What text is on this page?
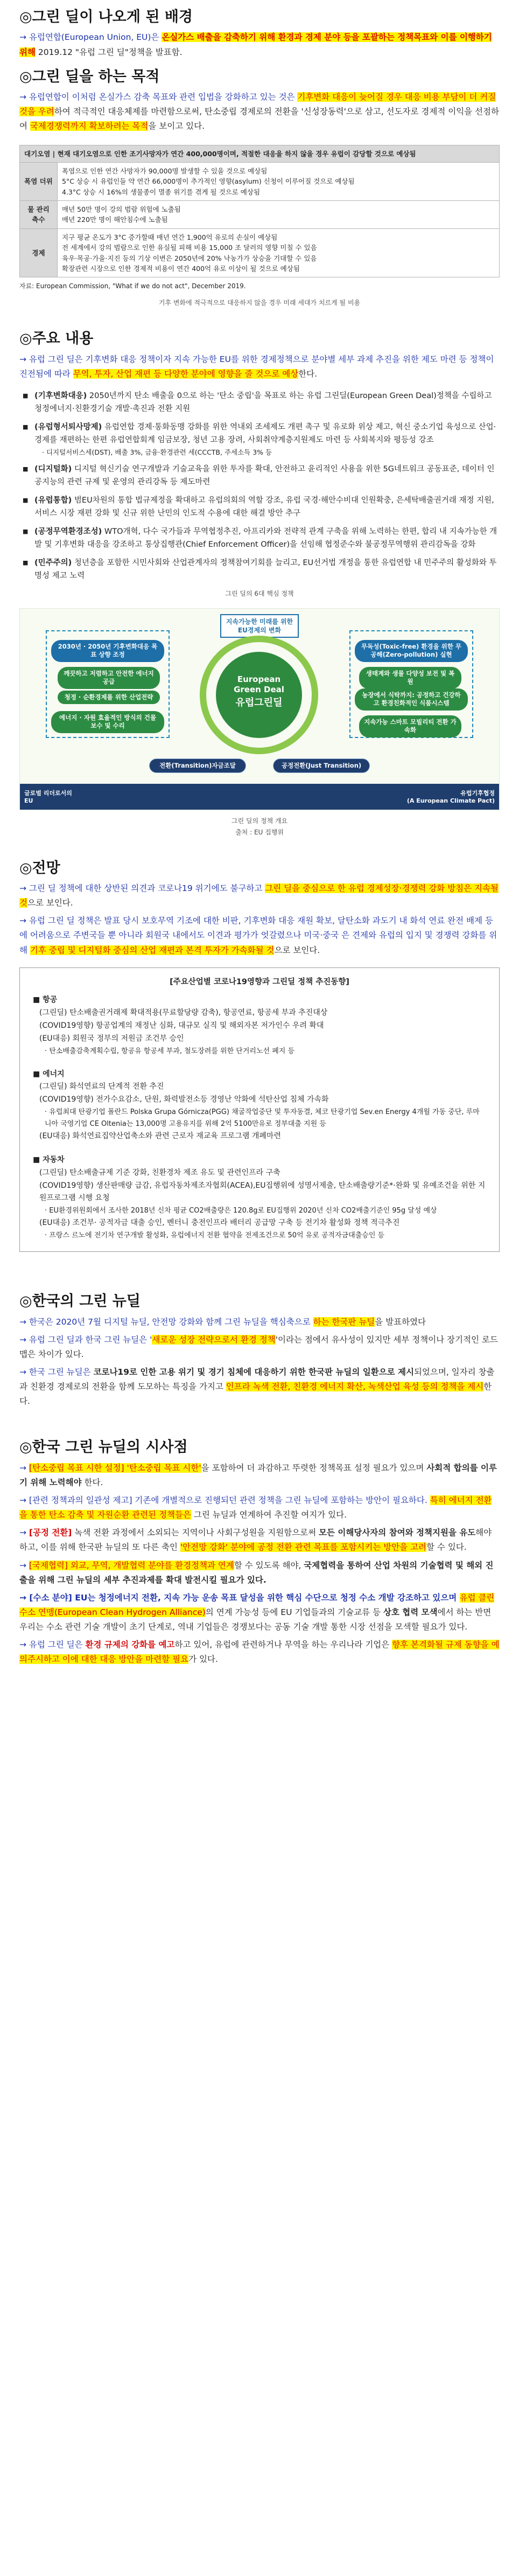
◎그린 딜이 나오게 된 배경

→ 유럽연합(European Union, EU)은 온실가스 배출을 감축하기 위해 환경과 경제 분야 등을 포괄하는 정책목표와 이를 이행하기 위해 2019.12 "유럽 그린 딜"정책을 발표함.

◎그린 딜을 하는 목적

→ 유럽연합이 이처럼 온실가스 감축 목표와 관련 입법을 강화하고 있는 것은 기후변화 대응이 늦어질 경우 대응 비용 부담이 더 커질 것을 우려하여 적극적인 대응체제를 마련함으로써, 탄소중립 경제로의 전환을 '신성장동력'으로 삼고, 선도자로 경제적 이익을 선점하여 국제경쟁력까지 확보하려는 목적을 보이고 있다.

대기오염 | 현재 대기오염으로 인한 조기사망자가 연간 400,000명이며, 적절한 대응을 하지 않을 경우 유럽이 감당할 것으로 예상됨	
폭염 더위	폭염으로 인한 연간 사망자가 90,000명 발생할 수 있을 것으로 예상됨
5°C 상승 시 유럽인들 약 연간 66,000명이 추가적인 영향(asylum) 신청이 이루어질 것으로 예상됨
4.3°C 상승 시 16%의 생물종이 멸종 위기를 겪게 될 것으로 예상됨

물 관리 축수	매년 50만 명이 강의 범람 위험에 노출됨
매년 220만 명이 해안침수에 노출됨

경제	지구 평균 온도가 3°C 증가할때 매년 연간 1,900억 유로의 손실이 예상됨
전 세계에서 강의 범람으로 인한 유실될 피해 비용 15,000 조 달러의 영향 미칠 수 있음
육우·목공·가을·지진 등의 기상 이변은 2050년에 20% 낙농가가 상승을 기대할 수 있음
확장관련 시장으로 인한 경제적 비용이 연간 400억 유로 이상이 될 것으로 예상됨
자료: European Commission, "What if we do not act", December 2019.
기후 변화에 적극적으로 대응하지 않을 경우 미래 세대가 치르게 될 비용
◎주요 내용

→ 유럽 그린 딜은 기후변화 대응 정책이자 지속 가능한 EU를 위한 경제정책으로 분야별 세부 과제 추진을 위한 제도 마련 등 정책이 진전됨에 따라 무역, 투자, 산업 재편 등 다양한 분야에 영향을 줄 것으로 예상한다.

■ (기후변화대응) 2050년까지 탄소 배출을 0으로 하는 '탄소 중립'을 목표로 하는 유럽 그린딜(European Green Deal)정책을 수립하고 청정에너지·친환경기술 개발·촉진과 전환 지원
■ (유럽형서퇴사망제) 유럽연합 경제·통화동맹 강화를 위한 역내외 조세제도 개편 촉구 및 유로화 위상 제고, 혁신 중소기업 육성으로 산업·경제를 재편하는 한편 유럽연합회계 임금보장, 청년 고용 장려, 사회취약계층지원제도 마련 등 사회복지와 평등성 강조
· 디지털서비스세(DST), 배출 3%, 금융·환경관련 세(CCCTB, 주세소득 3% 등
■ (디지털화) 디지털 혁신기술 연구개발과 기술교육을 위한 투자를 확대, 안전하고 윤리적인 사용을 위한 5G네트워크 공동표준, 데이터 인공지능의 관련 규제 및 운영의 관리강독 등 제도마련
■ (유럽통합) 범EU차원의 통합 법규제정을 확대하고 유럽의회의 역할 강조, 유럽 국경·해안수비대 인원확충, 은세탁배출권거래 재정 지원, 서비스 시장 재편 강화 및 신규 위한 난민의 인도적 수용에 대한 해결 방안 추구
■ (공정무역환경조성) WTO개혁, 다수 국가들과 무역협정추진, 아프리카와 전략적 관계 구축을 위해 노력하는 한편, 합리 내 지속가능한 개발 및 기후변화 대응을 강조하고 통상집행관(Chief Enforcement Officer)을 선임해 협정준수와 불공정무역행위 관리감독을 강화
■ (민주주의) 청년층을 포함한 시민사회와 산업관계자의 정책참여기회를 늘리고, EU선거법 개정을 통한 유럽연합 내 민주주의 활성화와 투명성 제고 노력
그린 딜의 6대 핵심 정책
지속가능한 미래를 위한 EU경제의 변화
European
Green Deal
유럽그린딜
2030년 · 2050년 기후변화대응 목표 상향 조정
깨끗하고 저렴하고 안전한 에너지 공급
청정 · 순환경제를 위한 산업전략
에너지 · 자원 효율적인 방식의 건물 보수 및 수리
무독성(Toxic-free) 환경을 위한 무공해(Zero-pollution) 실현
생태계와 생물 다양성 보전 및 복원
농장에서 식탁까지: 공정하고 건강하고 환경친화적인 식품시스템
지속가능 스마트 모빌리티 전환 가속화
전환(Transition)자금조달	공정전환(Just Transition)
글로벌 리더로서의
EU
유럽기후협정
(A European Climate Pact)
그린 딜의 정책 개요
출처 : EU 집행위
◎전망

→ 그린 딜 정책에 대한 상반된 의견과 코로나19 위기에도 불구하고 그린 딜을 중심으로 한 유럽 경제성장·경쟁력 강화 방침은 지속될 것으로 보인다.

→ 유럽 그린 딜 정책은 발표 당시 보호무역 기조에 대한 비판, 기후변화 대응 재원 확보, 달탄소화 과도기 내 화석 연료 완전 배제 등에 어려움으로 주변국들 뿐 아니라 회원국 내에서도 이견과 평가가 엇갈렸으나 미국·중국 은 견제와 유럽의 입지 및 경쟁력 강화를 위해 기후 중립 및 디지털화 중심의 산업 재편과 본격 투자가 가속화될 것으로 보인다.

[주요산업별 코로나19영향과 그린딜 정책 추진동향]
■ 항공
(그린딜) 탄소배출권거래제 확대적용(무료할당량 감축), 항공연료, 항공세 부과 추진대상
(COVID19영향) 항공업계의 재정난 심화, 대규모 실직 및 해외자본 저가인수 우려 확대
(EU대응) 회원국 정부의 저원금 조건부 승인
· 탄소배출감축계획수립, 항공유 항공세 부과, 철도장려를 위한 단거리노선 폐지 등
■ 에너지
(그린딜) 화석연료의 단계적 전환 추진
(COVID19영향) 전가수요감소, 단원, 화력발전소등 경영난 악화에 석탄산업 침체 가속화
· 유럽최대 탄광기업 폴란드 Polska Grupa Górnicza(PGG) 채굴작업중단 및 투자동결, 체코 탄광기업 Sev.en Energy 4개월 가동 중단, 루마니아 국영기업 CE Oltenia는 13,000명 고용유지를 위해 2억 5100만유로 정부대출 지원 등
(EU대응) 화석연료집약산업축소와 관련 근로자 재교육 프로그램 개폐마련
■ 자동차
(그린딜) 탄소배출규제 기준 강화, 친환경차 제조 유도 및 관련인프라 구축
(COVID19영향) 생산판매량 급감, 유럽자동차제조자협회(ACEA),EU집행위에 성명서제출, 탄소배출량기준*·완화 및 유예조건을 위한 지원프로그램 시행 요청
· EU환경위원회에서 조사한 2018년 신차 평균 CO2배출량은 120.8g로 EU집행위 2020년 신차 CO2배출기준인 95g 달성 예상
(EU대응) 조건부· 공적자금 대출 승인, 벤터니 충전인프라 배터리 공급망 구축 등 전기차 활성화 정책 적극추진
· 프랑스 르노에 전기차 연구개발 활성화, 유럽에너지 전환 협약을 전제조건으로 50억 유로 공적자금대출승인 등
◎한국의 그린 뉴딜

→ 한국은 2020년 7월 디지털 뉴딜, 안전망 강화와 함께 그린 뉴딜을 핵심축으로 하는 한국판 뉴딜을 발표하였다

→ 유럽 그린 딜과 한국 그린 뉴딜은 '새로운 성장 전략으로서 환경 정책'이라는 점에서 유사성이 있지만 세부 정책이나 장기적인 로드맵은 차이가 있다.

→ 한국 그린 뉴딜은 코로나19로 인한 고용 위기 및 경기 침체에 대응하기 위한 한국판 뉴딜의 일환으로 제시되었으며, 일자리 창출과 친환경 경제로의 전환을 함께 도모하는 특징을 가지고 인프라 녹색 전환, 친환경 에너지 확산, 녹색산업 육성 등의 정책을 제시한다.

◎한국 그린 뉴딜의 시사점

→ [탄소중립 목표 시한 설정] '탄소중립 목표 시한'을 포함하여 더 과감하고 뚜렷한 정책목표 설정 필요가 있으며 사회적 합의를 이루기 위해 노력해야 한다.

→ [관련 정책과의 일관성 제고] 기존에 개별적으로 진행되던 관련 정책을 그린 뉴딜에 포함하는 방안이 필요하다. 특히 에너지 전환을 통한 탄소 감축 및 자원순환 관련된 정책들은 그린 뉴딜과 연계하여 추진할 여지가 있다.

→ [공정 전환] 녹색 전환 과정에서 소외되는 지역이나 사회구성원을 지원함으로써 모든 이해당사자의 참여와 정책지원을 유도해야 하고, 이를 위해 한국판 뉴딜의 또 다른 축인 '안전망 강화' 분야에 공정 전환 관련 목표를 포함시키는 방안을 고려할 수 있다.

→ [국제협력] 외교, 무역, 개발협력 분야를 환경정책과 연계할 수 있도록 해야, 국제협력을 통하여 산업 차원의 기술협력 및 해외 진출을 위해 그린 뉴딜의 세부 추진과제를 확대 발전시킬 필요가 있다.

→ [수소 분야] EU는 청정에너지 전환, 지속 가능 운송 목표 달성을 위한 핵심 수단으로 청정 수소 개발 강조하고 있으며 유럽 클린 수소 연맹(European Clean Hydrogen Alliance)의 연계 가능성 등에 EU 기업들과의 기술교류 등 상호 협력 모색에서 하는 반면 우리는 수소 관련 기술 개발이 초기 단계로, 역내 기업들은 경쟁보다는 공동 기술 개발 통한 시장 선점을 모색할 필요가 있다.

→ 유럽 그린 딜은 환경 규제의 강화를 예고하고 있어, 유럽에 관련하거나 무역을 하는 우리나라 기업은 향후 본격화될 규제 동향을 예의주시하고 이에 대한 대응 방안을 마련할 필요가 있다.
